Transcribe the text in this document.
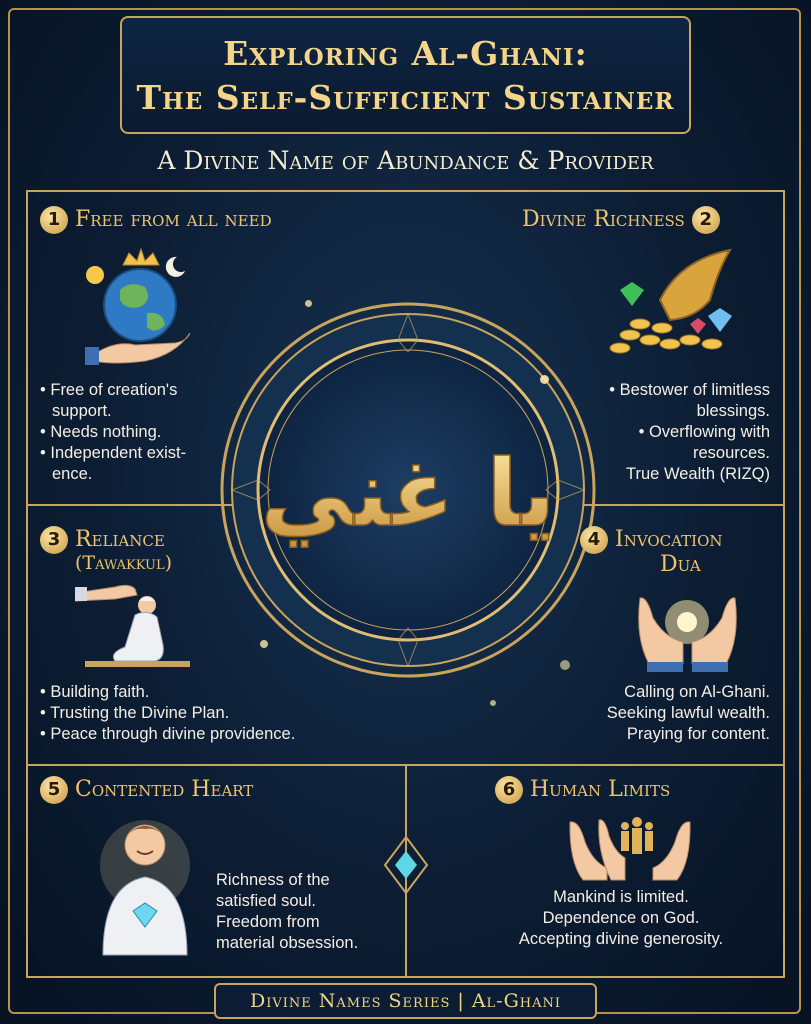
Exploring Al-Ghani:
The Self-Sufficient Sustainer
A Divine Name of Abundance & Provider
يا غني
1 Free from all need
• Free of creation's
support.
• Needs nothing.
• Independent exist-
ence.
Divine Richness 2
• Bestower of limitless
blessings.
• Overflowing with
resources.
True Wealth (RIZQ)
3 Reliance
(Tawakkul)
• Building faith.
• Trusting the Divine Plan.
• Peace through divine providence.
4 Invocation
Dua
Calling on Al-Ghani.
Seeking lawful wealth.
Praying for content.
5 Contented Heart
Richness of the
satisfied soul.
Freedom from
material obsession.
6 Human Limits
Mankind is limited.
Dependence on God.
Accepting divine generosity.
Divine Names Series | Al-Ghani
